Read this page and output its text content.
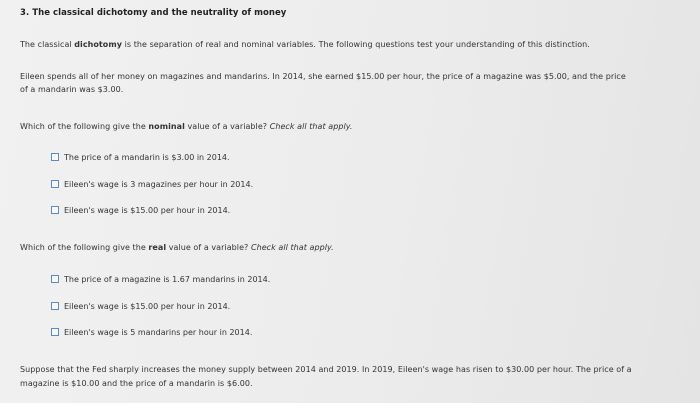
3. The classical dichotomy and the neutrality of money
The classical dichotomy is the separation of real and nominal variables. The following questions test your understanding of this distinction.
Eileen spends all of her money on magazines and mandarins. In 2014, she earned $15.00 per hour, the price of a magazine was $5.00, and the price
of a mandarin was $3.00.
Which of the following give the nominal value of a variable? Check all that apply.
The price of a mandarin is $3.00 in 2014.
Eileen's wage is 3 magazines per hour in 2014.
Eileen's wage is $15.00 per hour in 2014.
Which of the following give the real value of a variable? Check all that apply.
The price of a magazine is 1.67 mandarins in 2014.
Eileen's wage is $15.00 per hour in 2014.
Eileen's wage is 5 mandarins per hour in 2014.
Suppose that the Fed sharply increases the money supply between 2014 and 2019. In 2019, Eileen's wage has risen to $30.00 per hour. The price of a
magazine is $10.00 and the price of a mandarin is $6.00.
